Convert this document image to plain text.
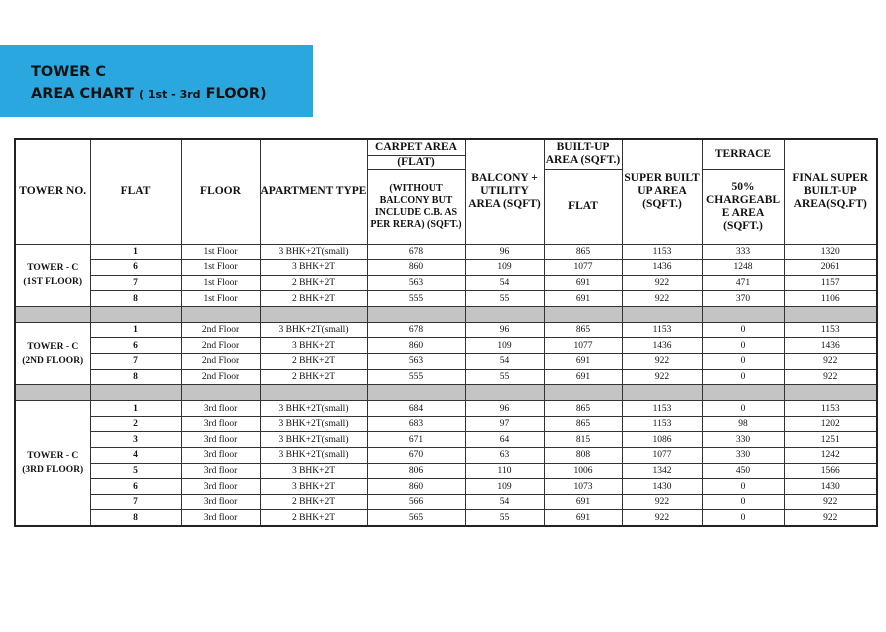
TOWER C
AREA CHART ( 1st - 3rd FLOOR)
TOWER NO.	FLAT	FLOOR	APARTMENT TYPE	CARPET AREA	BALCONY + UTILITY AREA (SQFT)	BUILT-UP AREA (SQFT.)	SUPER BUILT UP AREA (SQFT.)	TERRACE	FINAL SUPER BUILT-UP AREA(SQ.FT)
				(FLAT)					
				(WITHOUT BALCONY BUT INCLUDE C.B. AS PER RERA) (SQFT.)		FLAT		50% CHARGEABL E AREA (SQFT.)	

TOWER - C
(1ST FLOOR)	1	1st Floor	3 BHK+2T(small)	678	96	865	1153	333	1320
	6	1st Floor	3 BHK+2T	860	109	1077	1436	1248	2061
	7	1st Floor	2 BHK+2T	563	54	691	922	471	1157
	8	1st Floor	2 BHK+2T	555	55	691	922	370	1106

TOWER - C
(2ND FLOOR)	1	2nd Floor	3 BHK+2T(small)	678	96	865	1153	0	1153
	6	2nd Floor	3 BHK+2T	860	109	1077	1436	0	1436
	7	2nd Floor	2 BHK+2T	563	54	691	922	0	922
	8	2nd Floor	2 BHK+2T	555	55	691	922	0	922

TOWER - C
(3RD FLOOR)	1	3rd floor	3 BHK+2T(small)	684	96	865	1153	0	1153
	2	3rd floor	3 BHK+2T(small)	683	97	865	1153	98	1202
	3	3rd floor	3 BHK+2T(small)	671	64	815	1086	330	1251
	4	3rd floor	3 BHK+2T(small)	670	63	808	1077	330	1242
	5	3rd floor	3 BHK+2T	806	110	1006	1342	450	1566
	6	3rd floor	3 BHK+2T	860	109	1073	1430	0	1430
	7	3rd floor	2 BHK+2T	566	54	691	922	0	922
	8	3rd floor	2 BHK+2T	565	55	691	922	0	922
